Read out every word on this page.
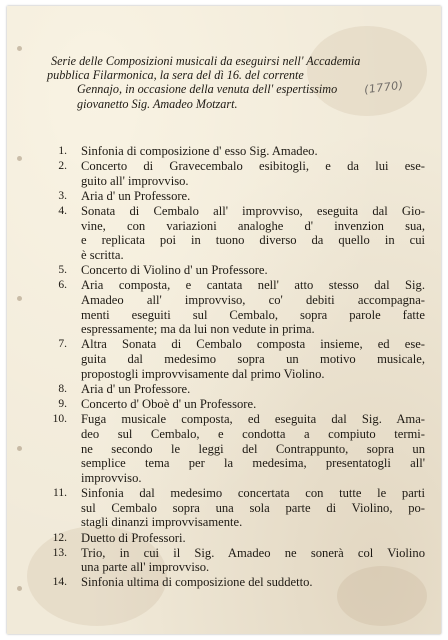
Serie delle Composizioni musicali da eseguirsi nell' Accademia
pubblica Filarmonica, la sera del dì 16. del corrente
Gennajo, in occasione della venuta dell' espertissimo
giovanetto Sig. Amadeo Motzart.
(1770)
1. Sinfonia di composizione d' esso Sig. Amadeo.
2. Concerto di Gravecembalo esibitogli, e da lui ese-
guito all' improvviso.
3. Aria d' un Professore.
4. Sonata di Cembalo all' improvviso, eseguita dal Gio-
vine, con variazioni analoghe d' invenzion sua,
e replicata poi in tuono diverso da quello in cui
è scritta.
5. Concerto di Violino d' un Professore.
6. Aria composta, e cantata nell' atto stesso dal Sig.
Amadeo all' improvviso, co' debiti accompagna-
menti eseguiti sul Cembalo, sopra parole fatte
espressamente; ma da lui non vedute in prima.
7. Altra Sonata di Cembalo composta insieme, ed ese-
guita dal medesimo sopra un motivo musicale,
propostogli improvvisamente dal primo Violino.
8. Aria d' un Professore.
9. Concerto d' Oboè d' un Professore.
10. Fuga musicale composta, ed eseguita dal Sig. Ama-
deo sul Cembalo, e condotta a compiuto termi-
ne secondo le leggi del Contrappunto, sopra un
semplice tema per la medesima, presentatogli all'
improvviso.
11. Sinfonia dal medesimo concertata con tutte le parti
sul Cembalo sopra una sola parte di Violino, po-
stagli dinanzi improvvisamente.
12. Duetto di Professori.
13. Trio, in cui il Sig. Amadeo ne sonerà col Violino
una parte all' improvviso.
14. Sinfonia ultima di composizione del suddetto.
